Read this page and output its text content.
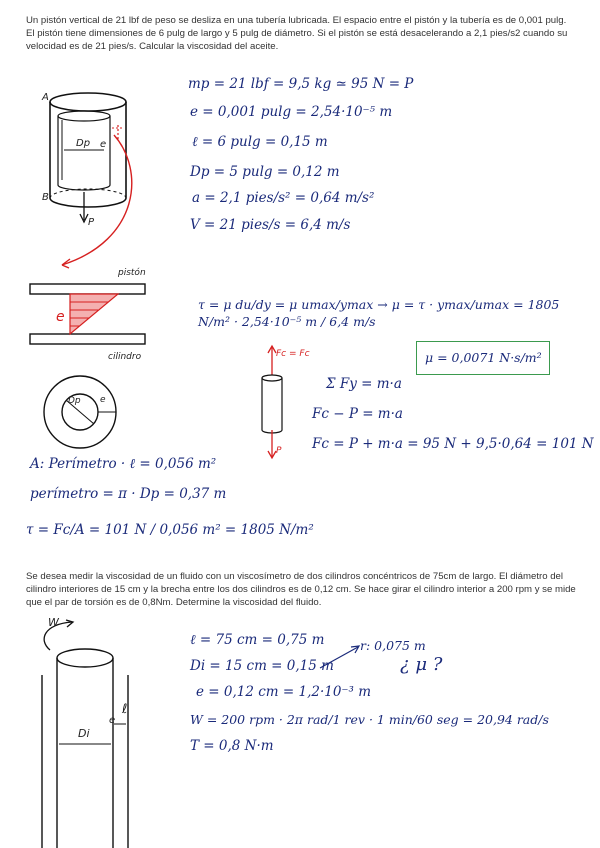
Un pistón vertical de 21 lbf de peso se desliza en una tubería lubricada. El espacio entre el pistón y la tubería es de 0,001 pulg. El pistón tiene dimensiones de 6 pulg de largo y 5 pulg de diámetro. Si el pistón se está desacelerando a 2,1 pies/s2 cuando su velocidad es de 21 pies/s. Calcular la viscosidad del aceite.
Se desea medir la viscosidad de un fluido con un viscosímetro de dos cilindros concéntricos de 75cm de largo. El diámetro del cilindro interiores de 15 cm y la brecha entre los dos cilindros es de 0,12 cm. Se hace girar el cilindro interior a 200 rpm y se mide que el par de torsión es de 0,8Nm. Determine la viscosidad del fluido.
A
B
Dp e
P
pistón
cilindro
e
Dp e
Fc = Fc
P
mp = 21 lbf = 9,5 kg ≃ 95 N = P
e = 0,001 pulg = 2,54·10⁻⁵ m
ℓ = 6 pulg = 0,15 m
Dp = 5 pulg = 0,12 m
a = 2,1 pies/s² = 0,64 m/s²
V = 21 pies/s = 6,4 m/s
τ = μ du/dy = μ umax/ymax → μ = τ · ymax/umax = 1805 N/m² · 2,54·10⁻⁵ m / 6,4 m/s
μ = 0,0071 N·s/m²
Σ Fy = m·a
Fc − P = m·a
Fc = P + m·a = 95 N + 9,5·0,64 = 101 N
A: Perímetro · ℓ = 0,056 m²
perímetro = π · Dp = 0,37 m
τ = Fc/A = 101 N / 0,056 m² = 1805 N/m²
W
Di
e
ℓ
ℓ = 75 cm = 0,75 m
Di = 15 cm = 0,15 m
e = 0,12 cm = 1,2·10⁻³ m
W = 200 rpm · 2π rad/1 rev · 1 min/60 seg = 20,94 rad/s
T = 0,8 N·m
r: 0,075 m
¿ μ ?
